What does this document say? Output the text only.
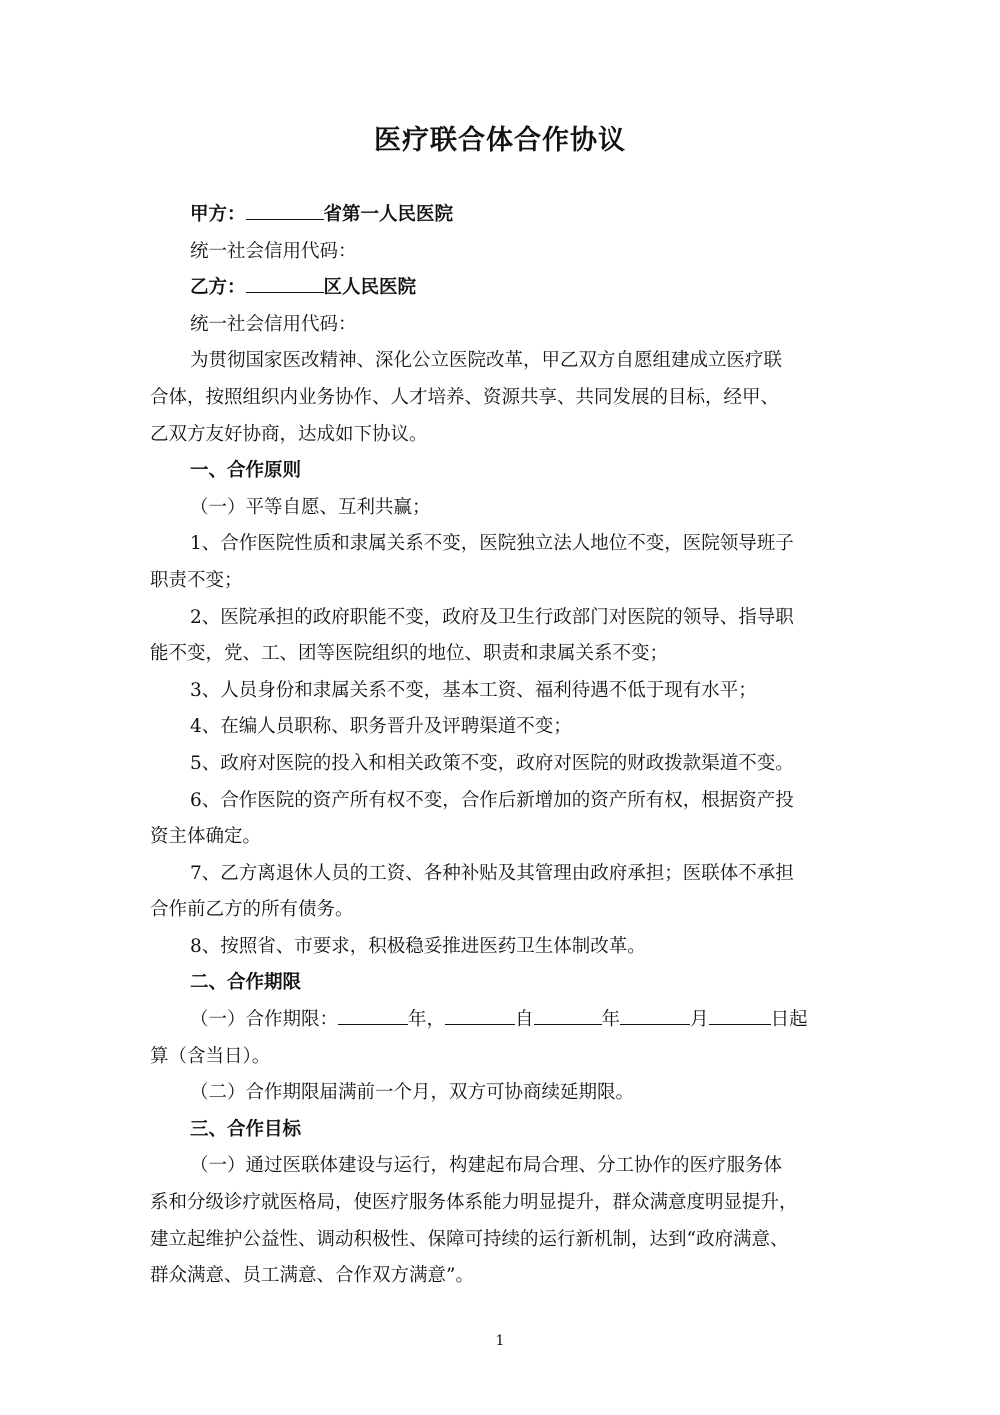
医疗联合体合作协议
甲方：	省第一人民医院
统一社会信用代码：
乙方：	区人民医院
统一社会信用代码：
为贯彻国家医改精神、深化公立医院改革，甲乙双方自愿组建成立医疗联
合体，按照组织内业务协作、人才培养、资源共享、共同发展的目标，经甲、
乙双方友好协商，达成如下协议。
一、合作原则
（一）平等自愿、互利共赢；
1、合作医院性质和隶属关系不变，医院独立法人地位不变，医院领导班子
职责不变；
2、医院承担的政府职能不变，政府及卫生行政部门对医院的领导、指导职
能不变，党、工、团等医院组织的地位、职责和隶属关系不变；
3、人员身份和隶属关系不变，基本工资、福利待遇不低于现有水平；
4、在编人员职称、职务晋升及评聘渠道不变；
5、政府对医院的投入和相关政策不变，政府对医院的财政拨款渠道不变。
6、合作医院的资产所有权不变，合作后新增加的资产所有权，根据资产投
资主体确定。
7、乙方离退休人员的工资、各种补贴及其管理由政府承担；医联体不承担
合作前乙方的所有债务。
8、按照省、市要求，积极稳妥推进医药卫生体制改革。
二、合作期限
（一）合作期限：	年，	自	年	月	日起
算（含当日）。
（二）合作期限届满前一个月，双方可协商续延期限。
三、合作目标
（一）通过医联体建设与运行，构建起布局合理、分工协作的医疗服务体
系和分级诊疗就医格局，使医疗服务体系能力明显提升，群众满意度明显提升，
建立起维护公益性、调动积极性、保障可持续的运行新机制，达到“政府满意、
群众满意、员工满意、合作双方满意”。
1
